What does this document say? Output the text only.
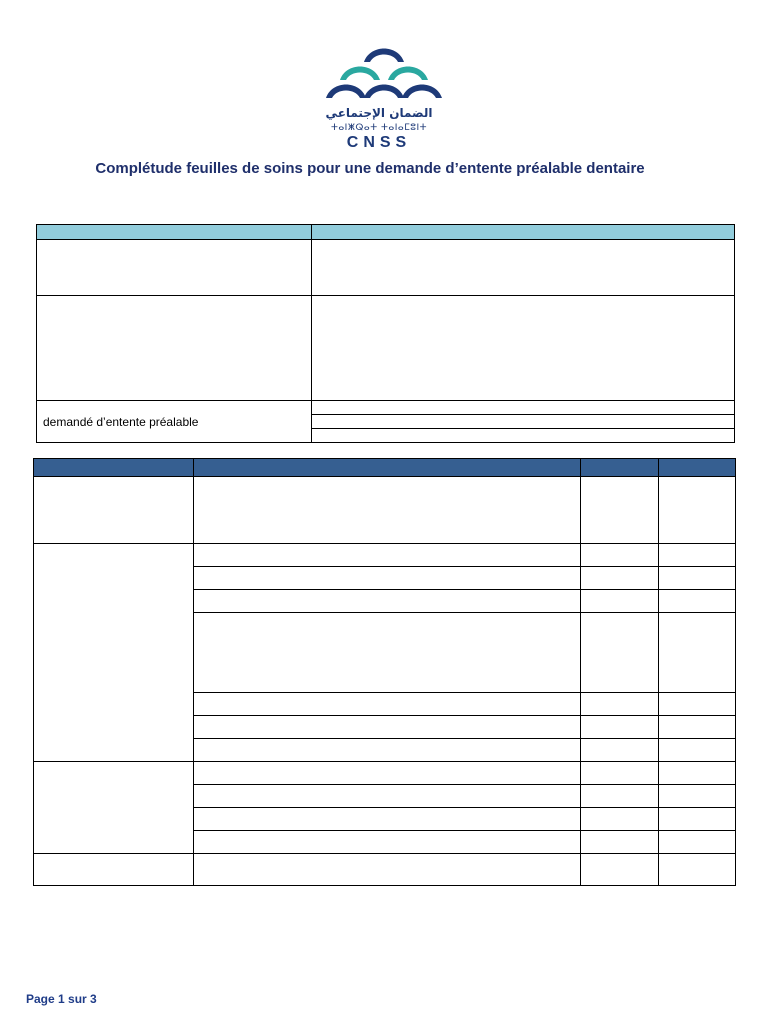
الضمان الإجتماعي
ⵜⴰⵏⵥⵕⴰⵜ ⵜⴰⵏⴰⵎⵓⵏⵜ
CNSS
Complétude feuilles de soins pour une demande d’entente préalable dentaire

demandé d’entente préalable	

Page 1 sur 3
